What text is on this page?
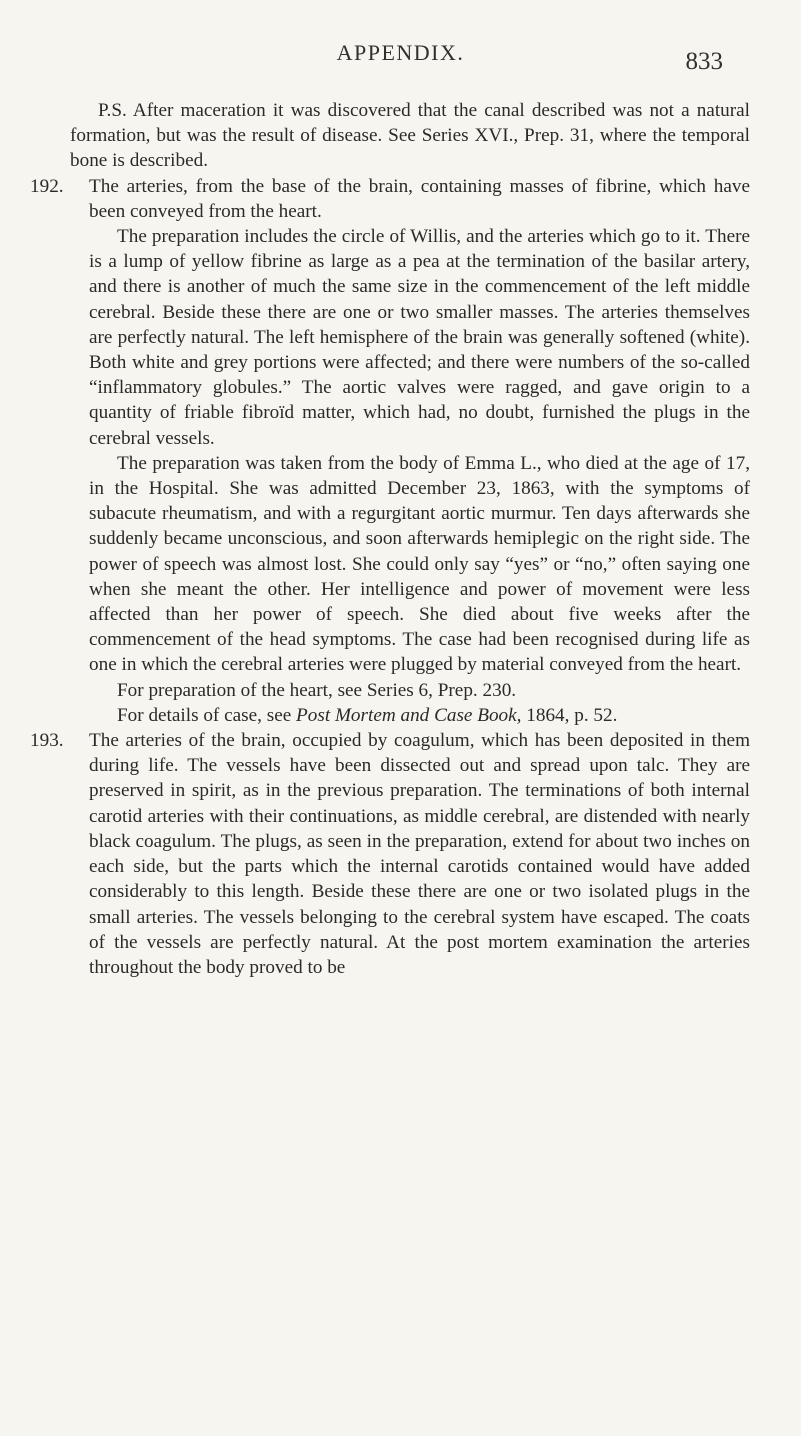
APPENDIX.	833

P.S. After maceration it was discovered that the canal described was not a natural formation, but was the result of disease. See Series XVI., Prep. 31, where the temporal bone is described.

192. The arteries, from the base of the brain, containing masses of fibrine, which have been conveyed from the heart.

The preparation includes the circle of Willis, and the arteries which go to it. There is a lump of yellow fibrine as large as a pea at the termination of the basilar artery, and there is another of much the same size in the commencement of the left middle cerebral. Beside these there are one or two smaller masses. The arteries themselves are perfectly natural. The left hemisphere of the brain was generally softened (white). Both white and grey portions were affected; and there were numbers of the so-called “inflammatory globules.” The aortic valves were ragged, and gave origin to a quantity of friable fibroïd matter, which had, no doubt, furnished the plugs in the cerebral vessels.

The preparation was taken from the body of Emma L., who died at the age of 17, in the Hospital. She was admitted December 23, 1863, with the symptoms of subacute rheumatism, and with a regurgitant aortic murmur. Ten days afterwards she suddenly became unconscious, and soon afterwards hemiplegic on the right side. The power of speech was almost lost. She could only say “yes” or “no,” often saying one when she meant the other. Her intelligence and power of movement were less affected than her power of speech. She died about five weeks after the commencement of the head symptoms. The case had been recognised during life as one in which the cerebral arteries were plugged by material conveyed from the heart.

For preparation of the heart, see Series 6, Prep. 230.

For details of case, see Post Mortem and Case Book, 1864, p. 52.

193. The arteries of the brain, occupied by coagulum, which has been deposited in them during life. The vessels have been dissected out and spread upon talc. They are preserved in spirit, as in the previous preparation. The terminations of both internal carotid arteries with their continuations, as middle cerebral, are distended with nearly black coagulum. The plugs, as seen in the preparation, extend for about two inches on each side, but the parts which the internal carotids contained would have added considerably to this length. Beside these there are one or two isolated plugs in the small arteries. The vessels belonging to the cerebral system have escaped. The coats of the vessels are perfectly natural. At the post mortem examination the arteries throughout the body proved to be
